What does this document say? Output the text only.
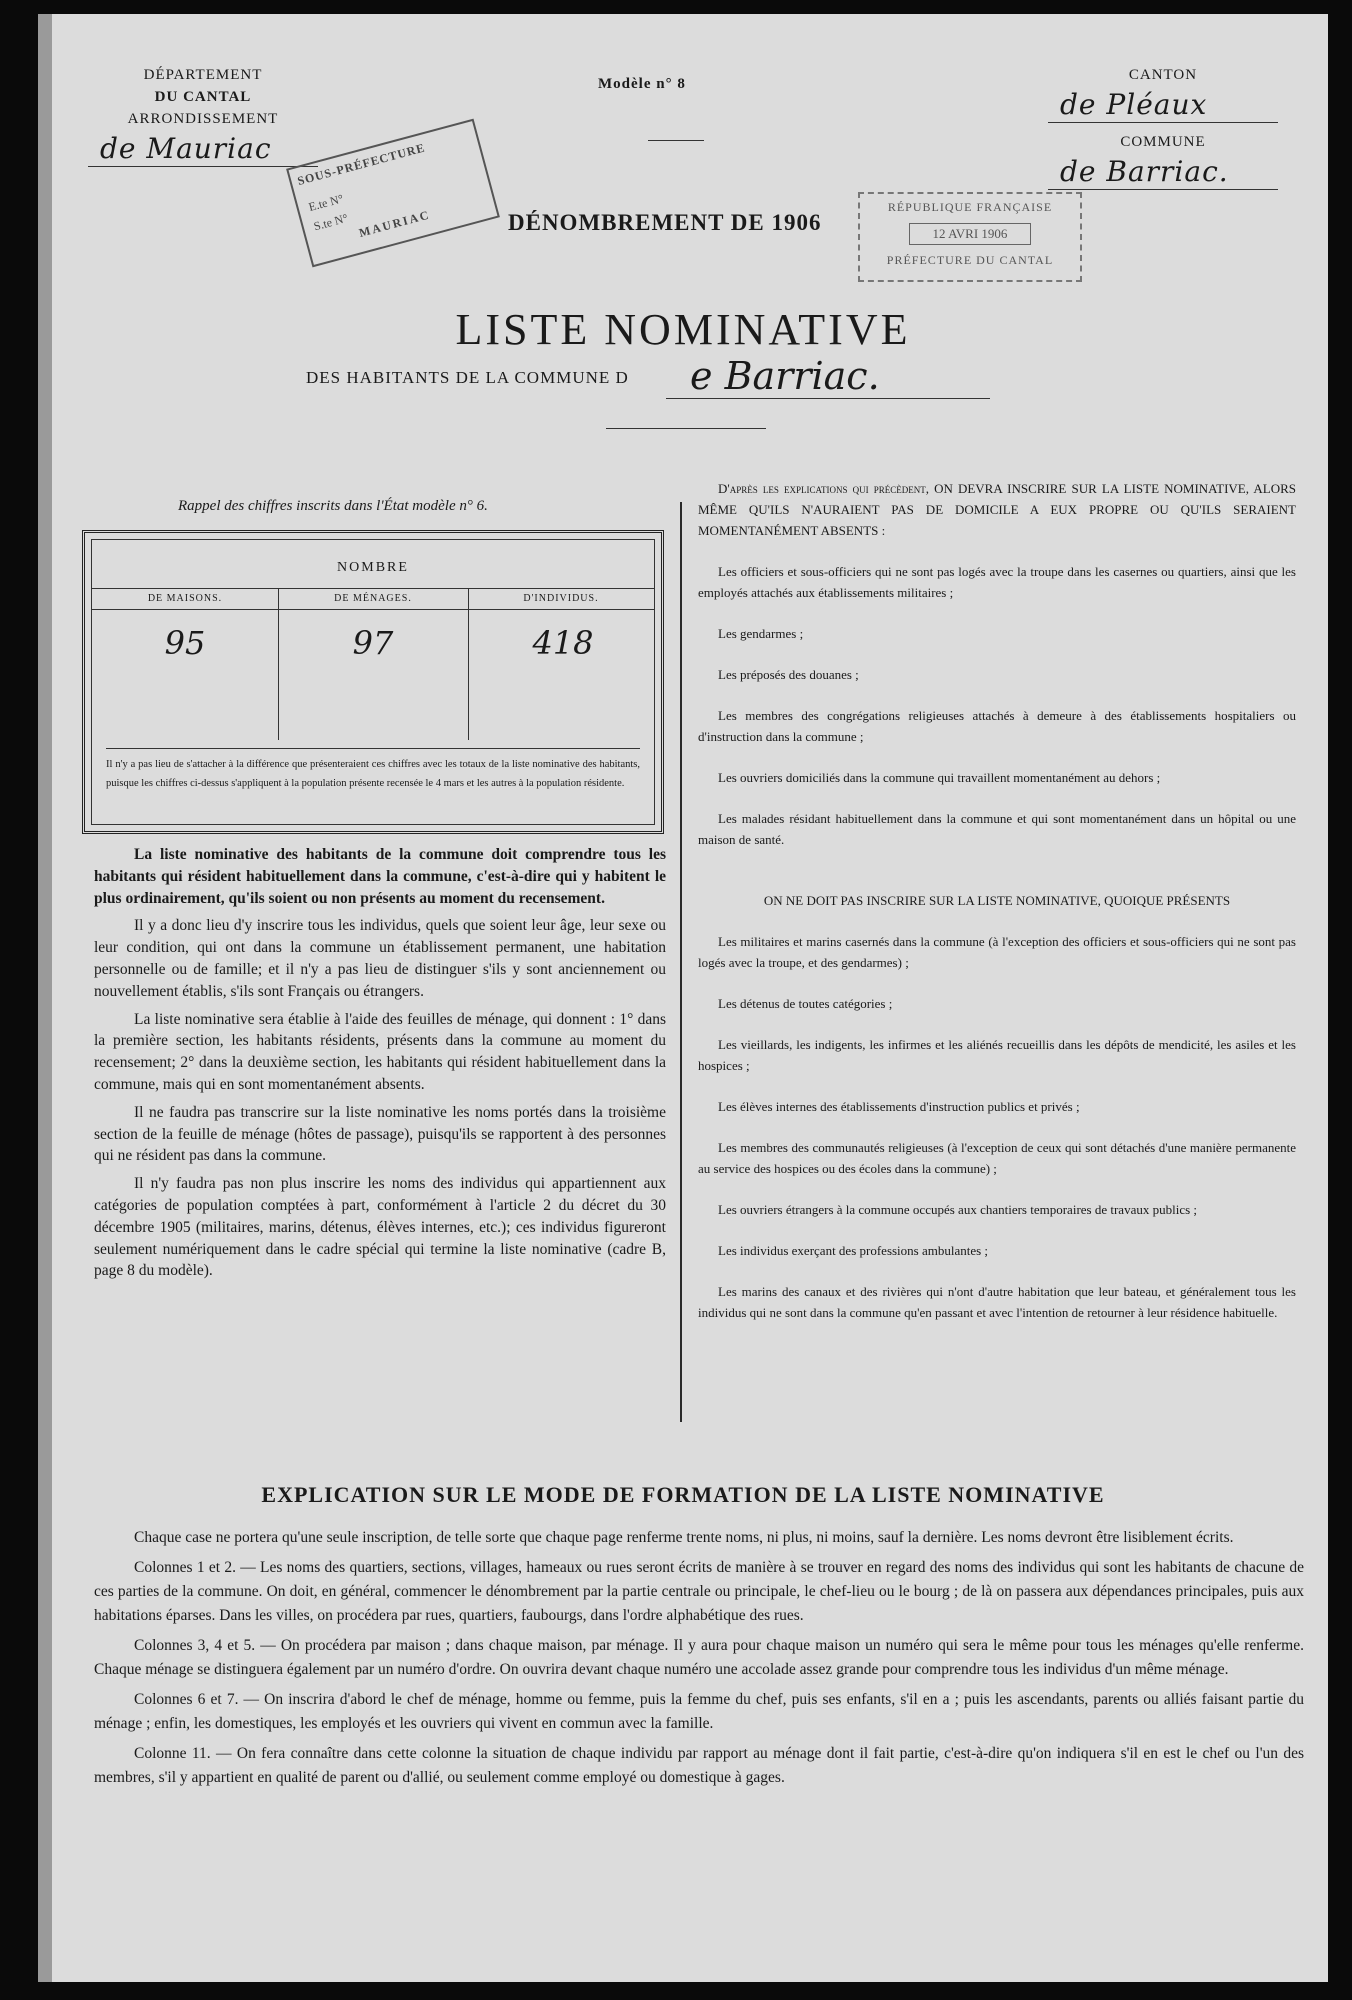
DÉPARTEMENT
DU CANTAL
ARRONDISSEMENT
de Mauriac
Modèle n° 8
CANTON
de Pléaux
COMMUNE
de Barriac.
SOUS-PRÉFECTURE
E.te N°
S.te N° MAURIAC	DÉNOMBREMENT DE 1906
RÉPUBLIQUE FRANÇAISE
12 AVRI 1906
PRÉFECTURE DU CANTAL
LISTE NOMINATIVE
DES HABITANTS DE LA COMMUNE D	e Barriac.
Rappel des chiffres inscrits dans l'État modèle n° 6.
NOMBRE
DE MAISONS.	DE MÉNAGES.	D'INDIVIDUS.
95	97	418
Il n'y a pas lieu de s'attacher à la différence que présenteraient ces chiffres avec les totaux de la liste nominative des habitants, puisque les chiffres ci-dessus s'appliquent à la population présente recensée le 4 mars et les autres à la population résidente.

La liste nominative des habitants de la commune doit comprendre tous les habitants qui résident habituellement dans la commune, c'est-à-dire qui y habitent le plus ordinairement, qu'ils soient ou non présents au moment du recensement.

Il y a donc lieu d'y inscrire tous les individus, quels que soient leur âge, leur sexe ou leur condition, qui ont dans la commune un établissement permanent, une habitation personnelle ou de famille; et il n'y a pas lieu de distinguer s'ils y sont anciennement ou nouvellement établis, s'ils sont Français ou étrangers.

La liste nominative sera établie à l'aide des feuilles de ménage, qui donnent : 1° dans la première section, les habitants résidents, présents dans la commune au moment du recensement; 2° dans la deuxième section, les habitants qui résident habituellement dans la commune, mais qui en sont momentanément absents.

Il ne faudra pas transcrire sur la liste nominative les noms portés dans la troisième section de la feuille de ménage (hôtes de passage), puisqu'ils se rapportent à des personnes qui ne résident pas dans la commune.

Il n'y faudra pas non plus inscrire les noms des individus qui appartiennent aux catégories de population comptées à part, conformément à l'article 2 du décret du 30 décembre 1905 (militaires, marins, détenus, élèves internes, etc.); ces individus figureront seulement numériquement dans le cadre spécial qui termine la liste nominative (cadre B, page 8 du modèle).

D'après les explications qui précèdent, ON DEVRA INSCRIRE SUR LA LISTE NOMINATIVE, ALORS MÊME QU'ILS N'AURAIENT PAS DE DOMICILE A EUX PROPRE OU QU'ILS SERAIENT MOMENTANÉMENT ABSENTS :

Les officiers et sous-officiers qui ne sont pas logés avec la troupe dans les casernes ou quartiers, ainsi que les employés attachés aux établissements militaires ;

Les gendarmes ;

Les préposés des douanes ;

Les membres des congrégations religieuses attachés à demeure à des établissements hospitaliers ou d'instruction dans la commune ;

Les ouvriers domiciliés dans la commune qui travaillent momentanément au dehors ;

Les malades résidant habituellement dans la commune et qui sont momentanément dans un hôpital ou une maison de santé.

ON NE DOIT PAS INSCRIRE SUR LA LISTE NOMINATIVE, QUOIQUE PRÉSENTS

Les militaires et marins casernés dans la commune (à l'exception des officiers et sous-officiers qui ne sont pas logés avec la troupe, et des gendarmes) ;

Les détenus de toutes catégories ;

Les vieillards, les indigents, les infirmes et les aliénés recueillis dans les dépôts de mendicité, les asiles et les hospices ;

Les élèves internes des établissements d'instruction publics et privés ;

Les membres des communautés religieuses (à l'exception de ceux qui sont détachés d'une manière permanente au service des hospices ou des écoles dans la commune) ;

Les ouvriers étrangers à la commune occupés aux chantiers temporaires de travaux publics ;

Les individus exerçant des professions ambulantes ;

Les marins des canaux et des rivières qui n'ont d'autre habitation que leur bateau, et généralement tous les individus qui ne sont dans la commune qu'en passant et avec l'intention de retourner à leur résidence habituelle.

EXPLICATION SUR LE MODE DE FORMATION DE LA LISTE NOMINATIVE

Chaque case ne portera qu'une seule inscription, de telle sorte que chaque page renferme trente noms, ni plus, ni moins, sauf la dernière. Les noms devront être lisiblement écrits.

Colonnes 1 et 2. — Les noms des quartiers, sections, villages, hameaux ou rues seront écrits de manière à se trouver en regard des noms des individus qui sont les habitants de chacune de ces parties de la commune. On doit, en général, commencer le dénombrement par la partie centrale ou principale, le chef-lieu ou le bourg ; de là on passera aux dépendances principales, puis aux habitations éparses. Dans les villes, on procédera par rues, quartiers, faubourgs, dans l'ordre alphabétique des rues.

Colonnes 3, 4 et 5. — On procédera par maison ; dans chaque maison, par ménage. Il y aura pour chaque maison un numéro qui sera le même pour tous les ménages qu'elle renferme. Chaque ménage se distinguera également par un numéro d'ordre. On ouvrira devant chaque numéro une accolade assez grande pour comprendre tous les individus d'un même ménage.

Colonnes 6 et 7. — On inscrira d'abord le chef de ménage, homme ou femme, puis la femme du chef, puis ses enfants, s'il en a ; puis les ascendants, parents ou alliés faisant partie du ménage ; enfin, les domestiques, les employés et les ouvriers qui vivent en commun avec la famille.

Colonne 11. — On fera connaître dans cette colonne la situation de chaque individu par rapport au ménage dont il fait partie, c'est-à-dire qu'on indiquera s'il en est le chef ou l'un des membres, s'il y appartient en qualité de parent ou d'allié, ou seulement comme employé ou domestique à gages.
